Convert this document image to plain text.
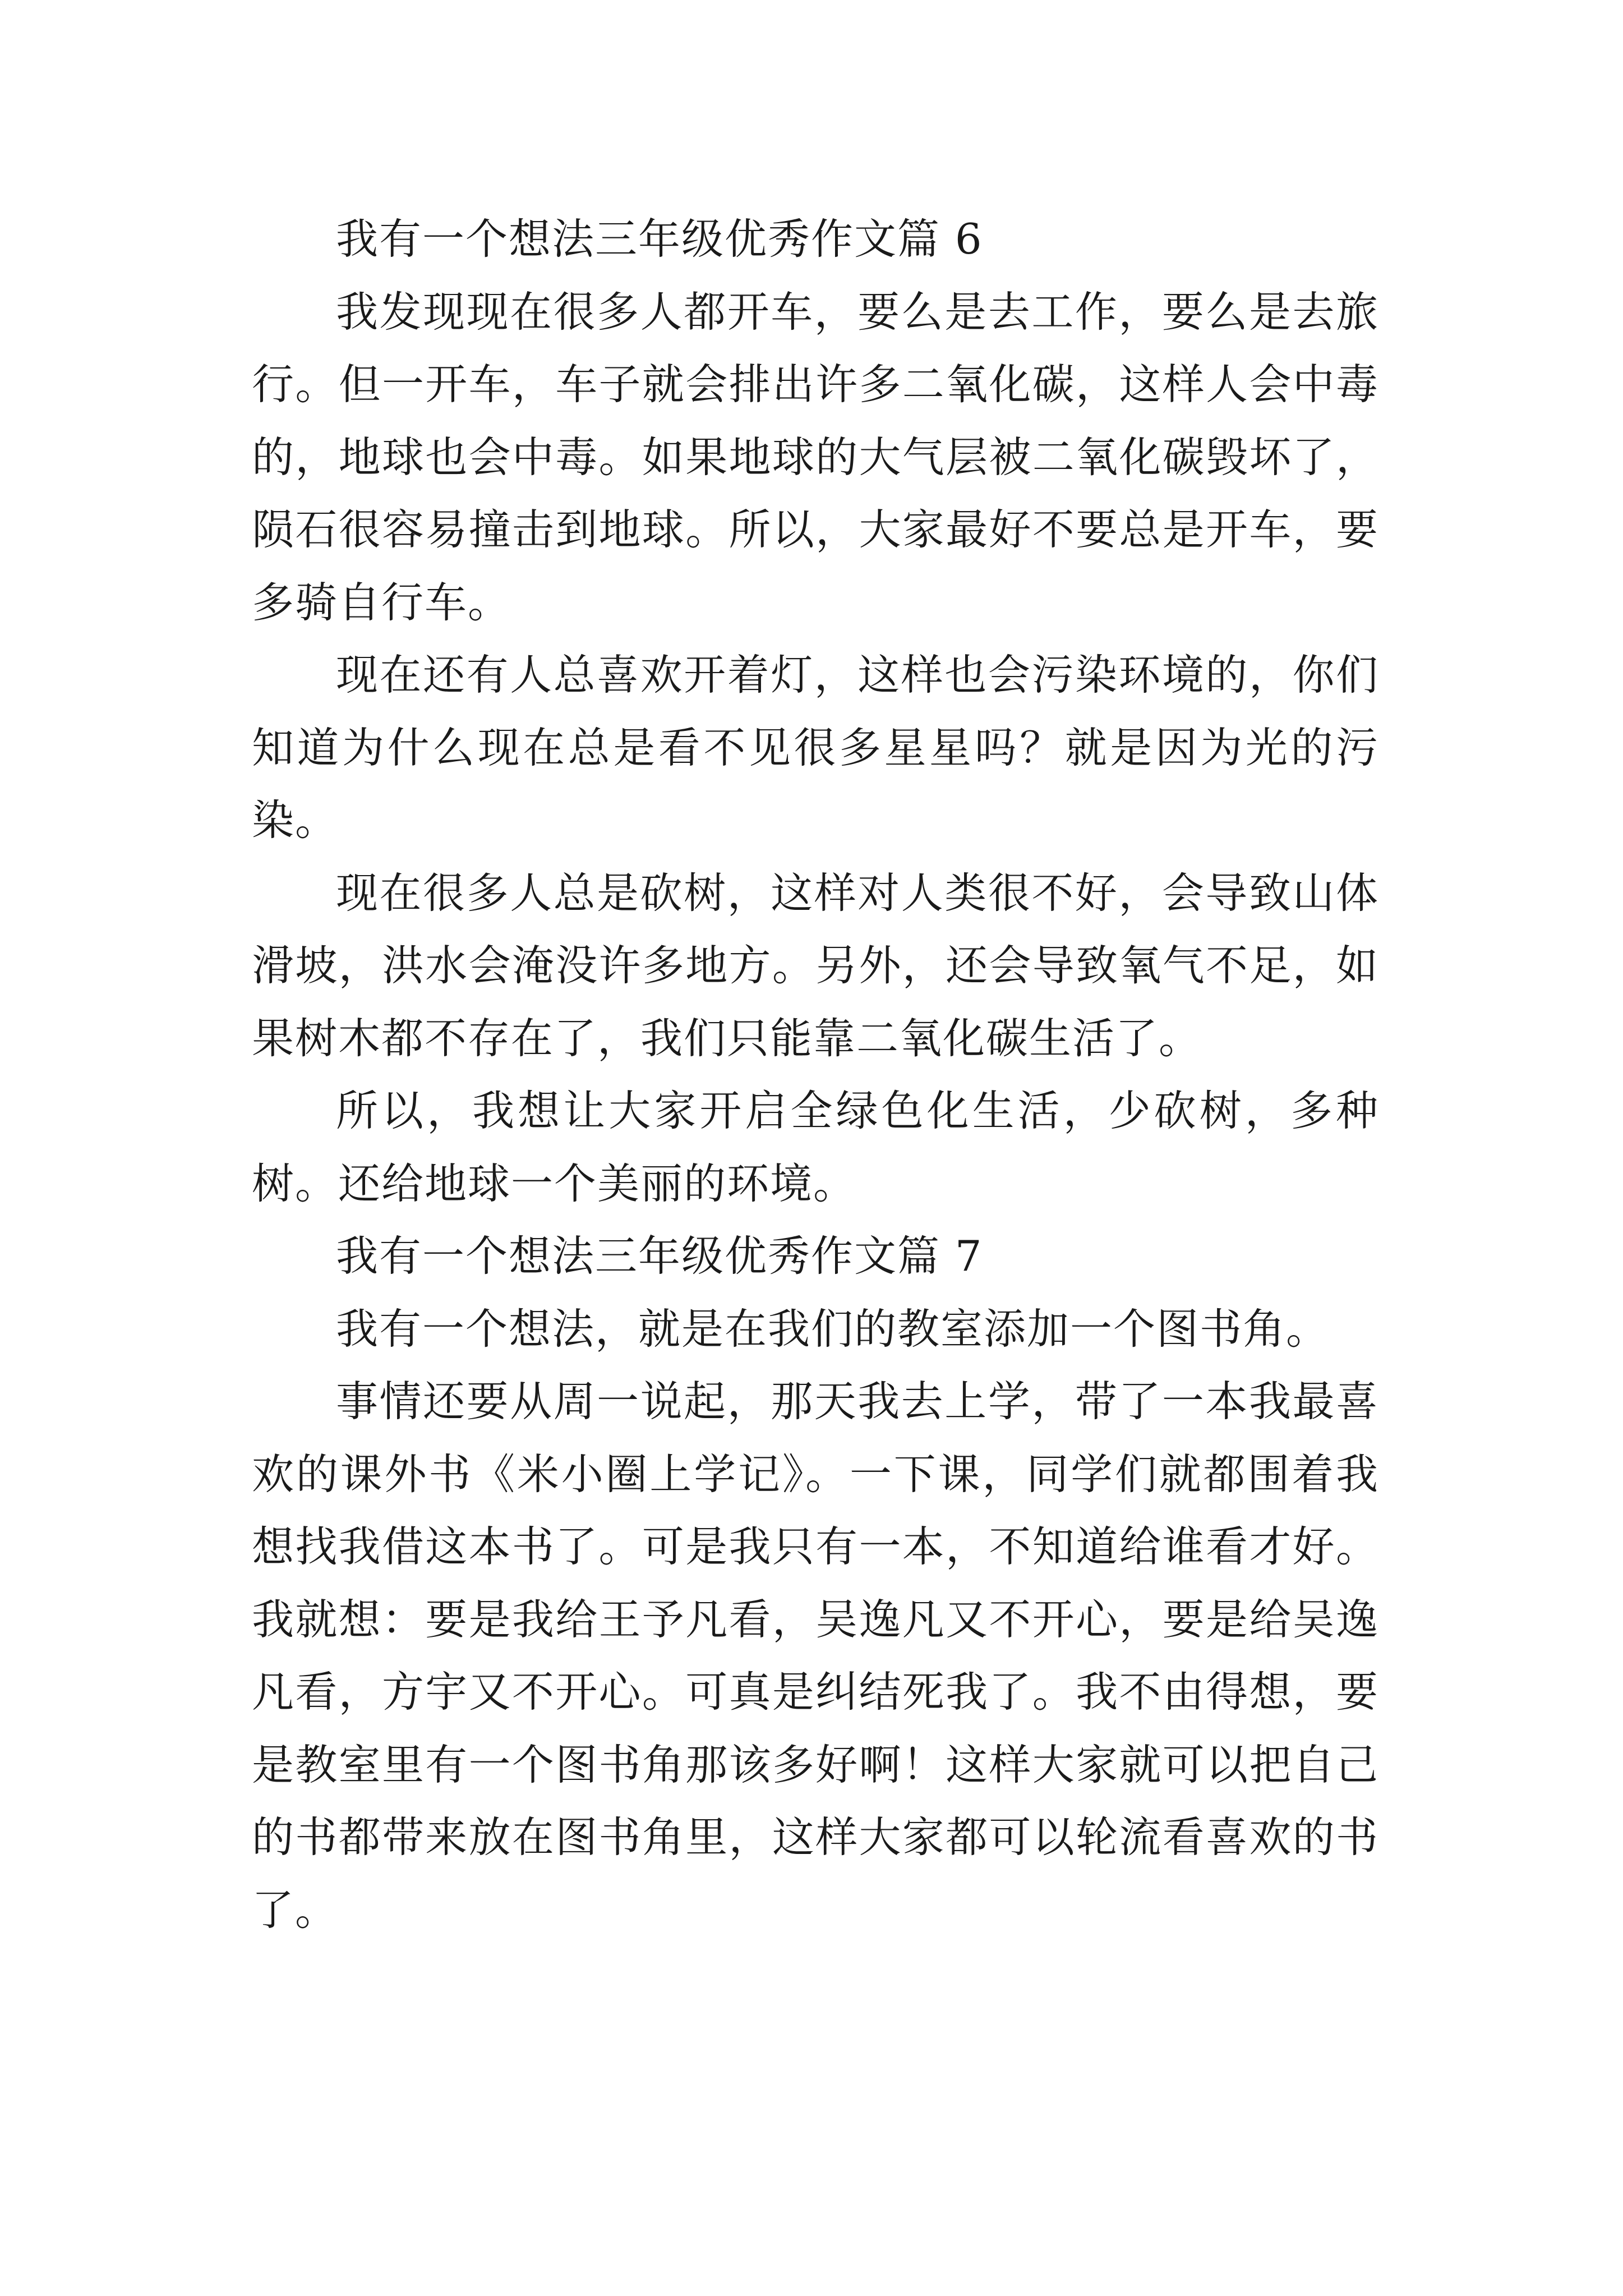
我有一个想法三年级优秀作文篇 6

我发现现在很多人都开车，要么是去工作，要么是去旅行。但一开车，车子就会排出许多二氧化碳，这样人会中毒的，地球也会中毒。如果地球的大气层被二氧化碳毁坏了，陨石很容易撞击到地球。所以，大家最好不要总是开车，要多骑自行车。

现在还有人总喜欢开着灯，这样也会污染环境的，你们知道为什么现在总是看不见很多星星吗？就是因为光的污染。

现在很多人总是砍树，这样对人类很不好，会导致山体滑坡，洪水会淹没许多地方。另外，还会导致氧气不足，如果树木都不存在了，我们只能靠二氧化碳生活了。

所以，我想让大家开启全绿色化生活，少砍树，多种树。还给地球一个美丽的环境。

我有一个想法三年级优秀作文篇 7

我有一个想法，就是在我们的教室添加一个图书角。

事情还要从周一说起，那天我去上学，带了一本我最喜欢的课外书《米小圈上学记》。一下课，同学们就都围着我想找我借这本书了。可是我只有一本，不知道给谁看才好。我就想：要是我给王予凡看，吴逸凡又不开心，要是给吴逸凡看，方宇又不开心。可真是纠结死我了。我不由得想，要是教室里有一个图书角那该多好啊！这样大家就可以把自己的书都带来放在图书角里，这样大家都可以轮流看喜欢的书了。
